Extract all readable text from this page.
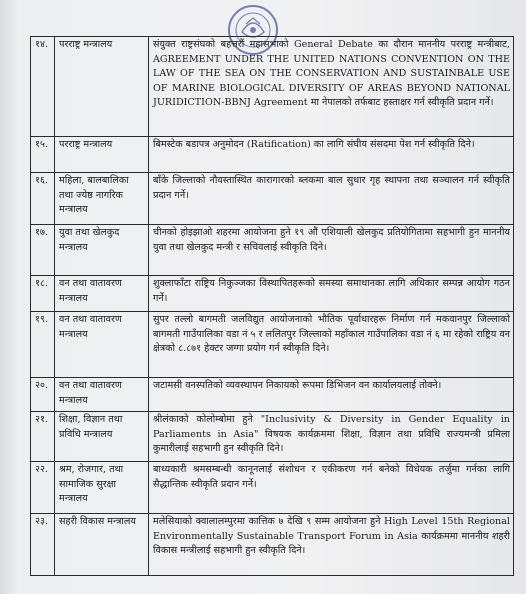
१४.	परराष्ट्र मन्त्रालय	संयुक्त राष्ट्रसंघको बहत्तरौं महासभाको General Debate का दौरान माननीय परराष्ट्र मन्त्रीबाट, AGREEMENT UNDER THE UNITED NATIONS CONVENTION ON THE LAW OF THE SEA ON THE CONSERVATION AND SUSTAINBALE USE OF MARINE BIOLOGICAL DIVERSITY OF AREAS BEYOND NATIONAL JURIDICTION-BBNJ Agreement मा नेपालको तर्फबाट हस्ताक्षर गर्न स्वीकृति प्रदान गर्ने।
१५.	परराष्ट्र मन्त्रालय	बिमस्टेक बडापत्र अनुमोदन (Ratification) का लागि संघीय संसदमा पेश गर्न स्वीकृति दिने।
१६.	महिला, बालबालिका तथा ज्येष्ठ नागरिक मन्त्रालय	बाँके जिल्लाको नौवस्तास्थित कारागारको ब्लकमा बाल सुधार गृह स्थापना तथा सञ्चालन गर्न स्वीकृति प्रदान गर्ने।
१७.	युवा तथा खेलकुद मन्त्रालय	चीनको होइझाओ शहरमा आयोजना हुने १९ औं एशियाली खेलकुद प्रतियोगितामा सहभागी हुन माननीय युवा तथा खेलकुद मन्त्री र सचिवलाई स्वीकृति दिने।
१८.	वन तथा वातावरण मन्त्रालय	शुक्लाफाँटा राष्ट्रिय निकुञ्जका विस्थापितहरूको समस्या समाधानका लागि अधिकार सम्पन्न आयोग गठन गर्ने।
१९.	वन तथा वातावरण मन्त्रालय	सुपर तल्लो बागमती जलविद्युत आयोजनाको भौतिक पूर्वाधारहरू निर्माण गर्न मकवानपुर जिल्लाको बागमती गाउँपालिका वडा नं ५ र ललितपुर जिल्लाको महाँकाल गाउँपालिका वडा नं ६ मा रहेको राष्ट्रिय वन क्षेत्रको ८.८७१ हेक्टर जग्गा प्रयोग गर्न स्वीकृति दिने।
२०.	वन तथा वातावरण मन्त्रालय	जटामसी वनस्पतिको व्यवस्थापन निकायको रूपमा डिभिजन वन कार्यालयलाई तोक्ने।
२१.	शिक्षा, विज्ञान तथा प्रविधि मन्त्रालय	श्रीलंकाको कोलोम्बोमा हुने "Inclusivity & Diversity in Gender Equality in Parliaments in Asia" विषयक कार्यक्रममा शिक्षा, विज्ञान तथा प्रविधि राज्यमन्त्री प्रमिला कुमारीलाई सहभागी हुन स्वीकृति दिने।
२२.	श्रम, रोजगार, तथा सामाजिक सुरक्षा मन्त्रालय	बाध्यकारी श्रमसम्बन्धी कानूनलाई संशोधन र एकीकरण गर्न बनेको विधेयक तर्जुमा गर्नका लागि सैद्धान्तिक स्वीकृति प्रदान गर्ने।
२३.	सहरी विकास मन्त्रालय	मलेसियाको क्वालालम्पुरमा कात्तिक ७ देखि ९ सम्म आयोजना हुने High Level 15th Regional Environmentally Sustainable Transport Forum in Asia कार्यक्रममा माननीय शहरी विकास मन्त्रीलाई सहभागी हुन स्वीकृति दिने।
